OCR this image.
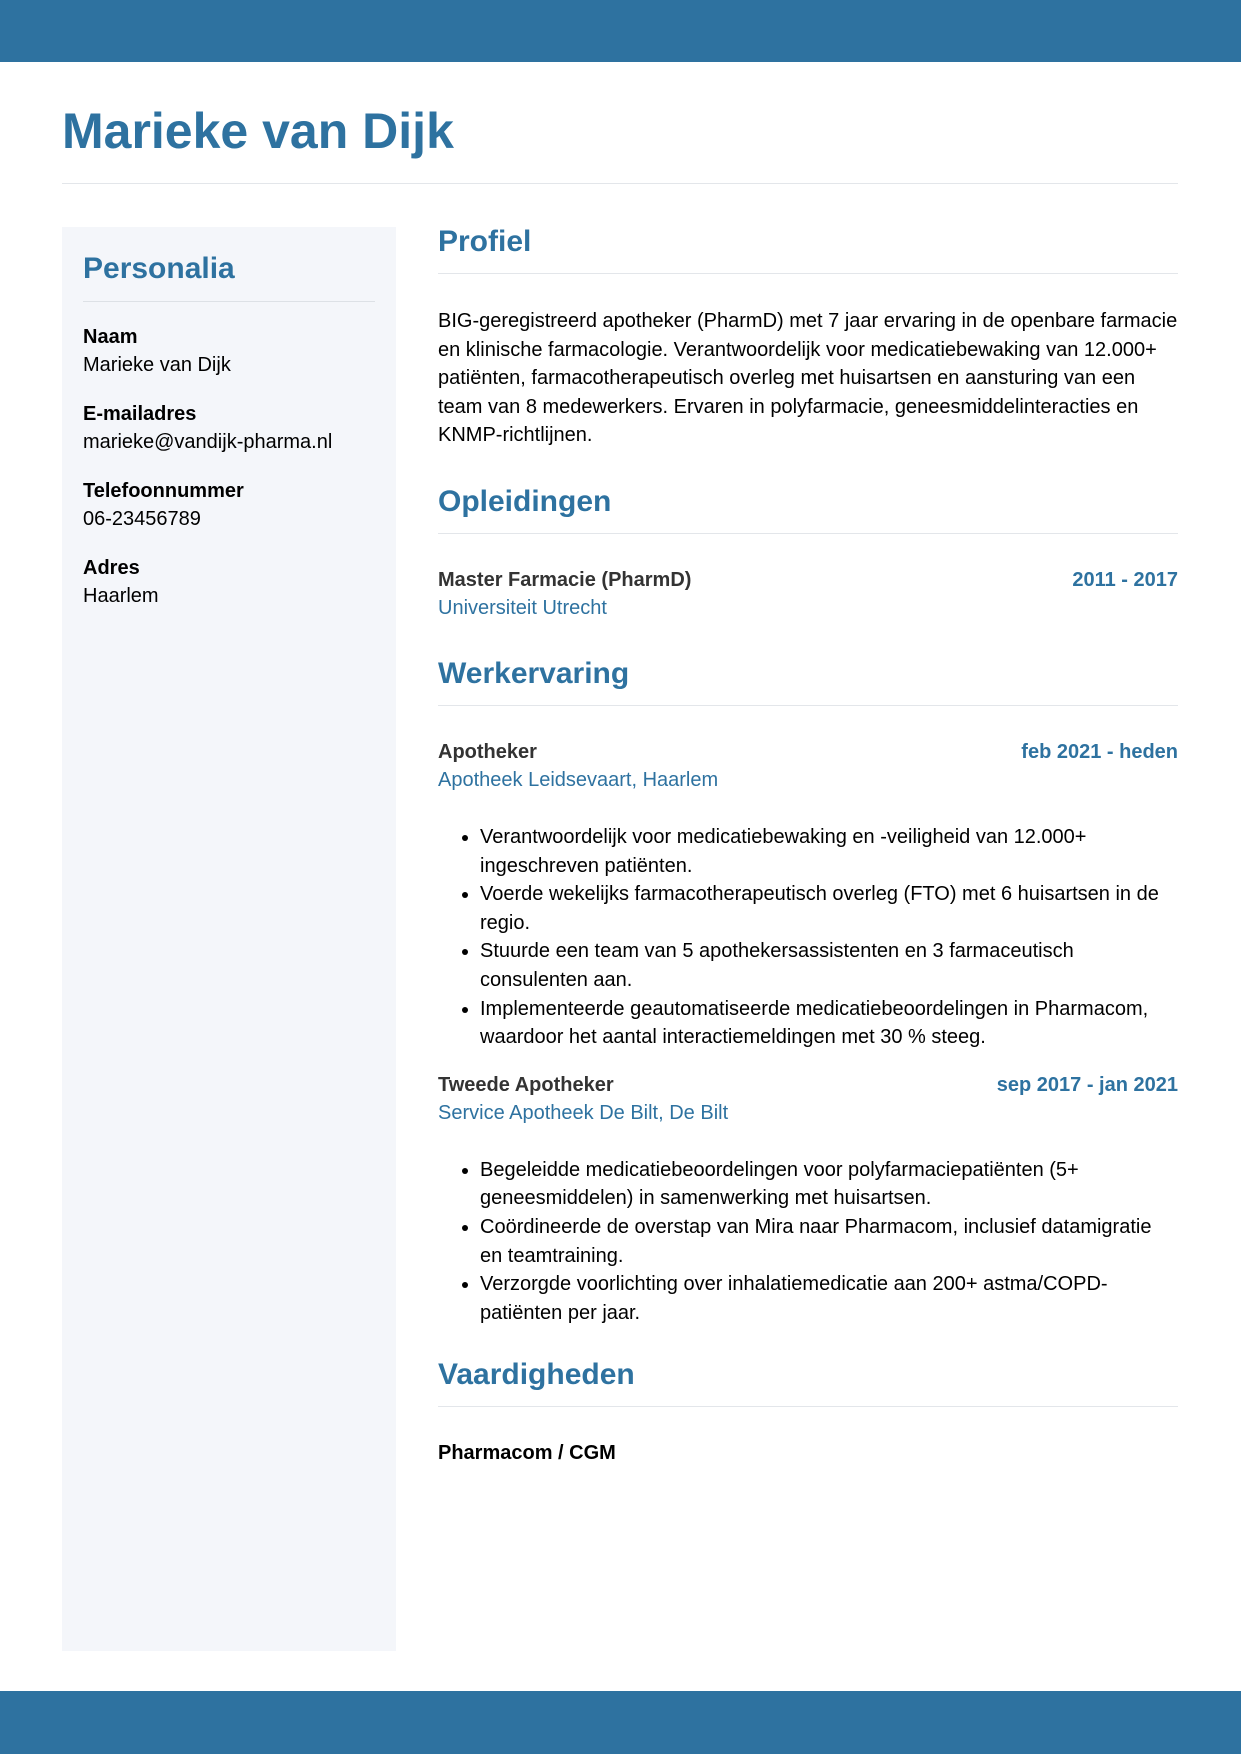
Marieke van Dijk
Personalia
Naam
Marieke van Dijk
E-mailadres
marieke@vandijk-pharma.nl
Telefoonnummer
06-23456789
Adres
Haarlem
Profiel

BIG-geregistreerd apotheker (PharmD) met 7 jaar ervaring in de openbare farmacie en klinische farmacologie. Verantwoordelijk voor medicatiebewaking van 12.000+ patiënten, farmacotherapeutisch overleg met huisartsen en aansturing van een team van 8 medewerkers. Ervaren in polyfarmacie, geneesmiddelinteracties en KNMP-richtlijnen.

Opleidingen
Master Farmacie (PharmD)	2011 - 2017
Universiteit Utrecht
Werkervaring
Apotheker	feb 2021 - heden
Apotheek Leidsevaart, Haarlem
• Verantwoordelijk voor medicatiebewaking en -veiligheid van 12.000+ ingeschreven patiënten.
• Voerde wekelijks farmacotherapeutisch overleg (FTO) met 6 huisartsen in de regio.
• Stuurde een team van 5 apothekersassistenten en 3 farmaceutisch consulenten aan.
• Implementeerde geautomatiseerde medicatiebeoordelingen in Pharmacom, waardoor het aantal interactiemeldingen met 30 % steeg.
Tweede Apotheker	sep 2017 - jan 2021
Service Apotheek De Bilt, De Bilt
• Begeleidde medicatiebeoordelingen voor polyfarmaciepatiënten (5+ geneesmiddelen) in samenwerking met huisartsen.
• Coördineerde de overstap van Mira naar Pharmacom, inclusief datamigratie en teamtraining.
• Verzorgde voorlichting over inhalatiemedicatie aan 200+ astma/COPD-patiënten per jaar.
Vaardigheden
Pharmacom / CGM
